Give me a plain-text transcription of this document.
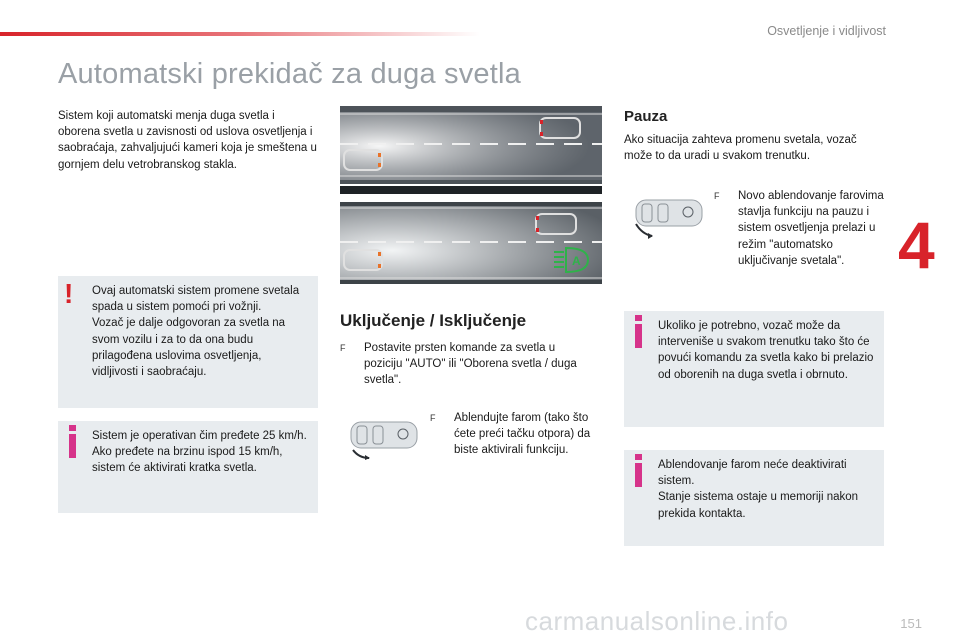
Osvetljenje i vidljivost
4
Automatski prekidač za duga svetla

Sistem koji automatski menja duga svetla i oborena svetla u zavisnosti od uslova osvetljenja i saobraćaja, zahvaljujući kameri koja je smeštena u gornjem delu vetrobranskog stakla.

! Ovaj automatski sistem promene svetala spada u sistem pomoći pri vožnji.
Vozač je dalje odgovoran za svetla na svom vozilu i za to da ona budu prilagođena uslovima osvetljenja, vidljivosti i saobraćaju.
Sistem je operativan čim pređete 25 km/h.
Ako pređete na brzinu ispod 15 km/h, sistem će aktivirati kratka svetla.
A
Uključenje / Isključenje
F Postavite prsten komande za svetla u poziciju "AUTO" ili "Oborena svetla / duga svetla".
F Ablendujte farom (tako što ćete preći tačku otpora) da biste aktivirali funkciju.
Pauza

Ako situacija zahteva promenu svetala, vozač može to da uradi u svakom trenutku.

F Novo ablendovanje farovima stavlja funkciju na pauzu i sistem osvetljenja prelazi u režim "automatsko uključivanje svetala".
Ukoliko je potrebno, vozač može da interveniše u svakom trenutku tako što će povući komandu za svetla kako bi prelazio od oborenih na duga svetla i obrnuto.
Ablendovanje farom neće deaktivirati sistem.
Stanje sistema ostaje u memoriji nakon prekida kontakta.
carmanualsonline.info	151
